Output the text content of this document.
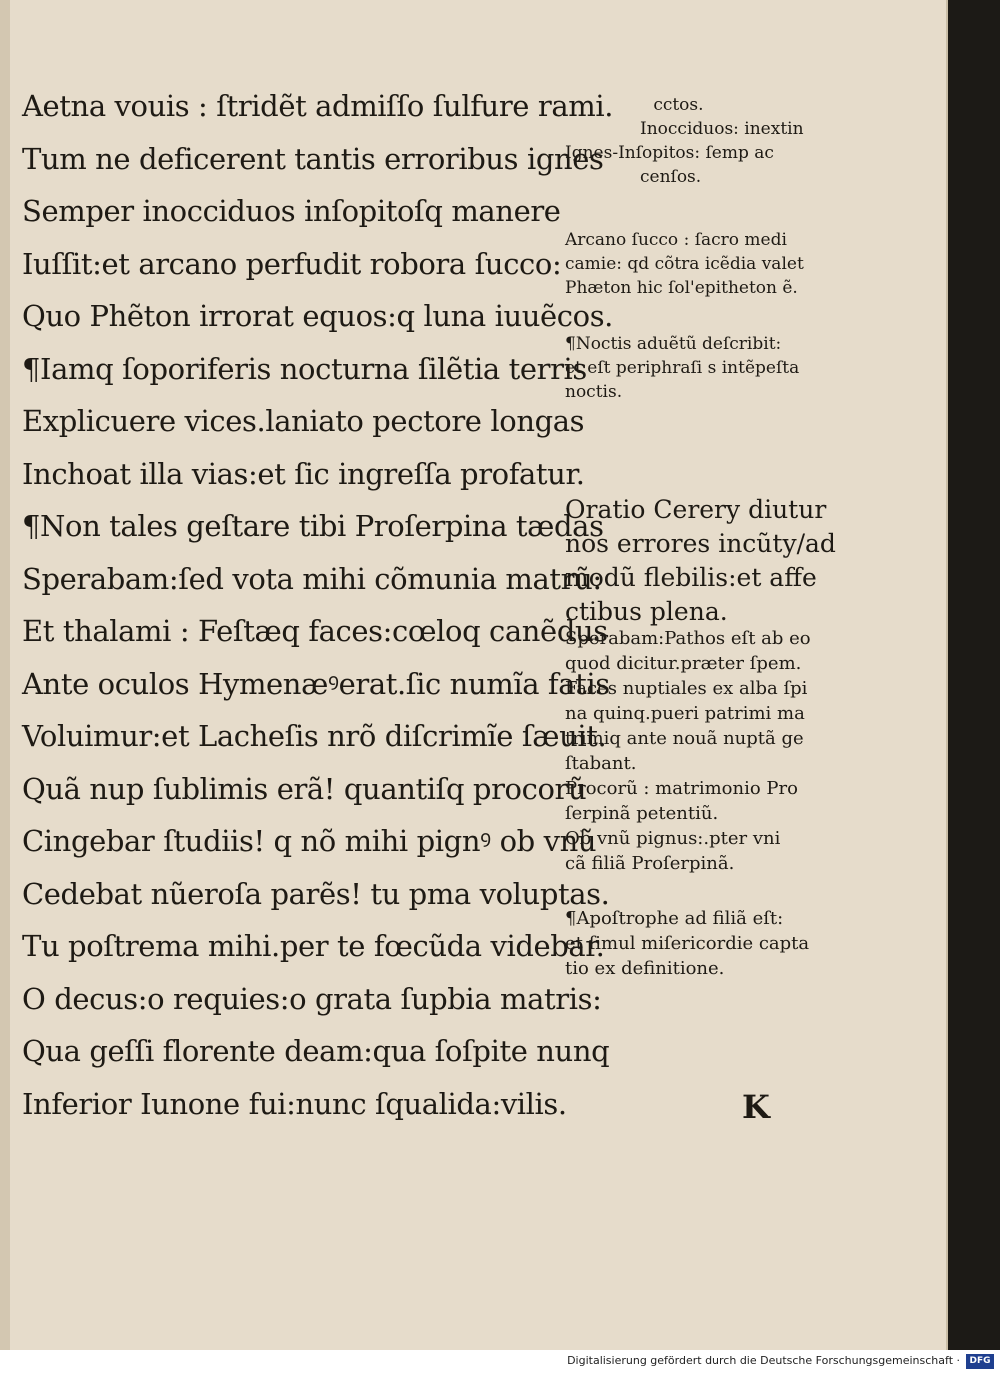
Aetna vouis : ſtridẽt admiſſo ſulfure rami.
Tum ne deficerent tantis erroribus ignes
Semper inocciduos inſopitoſq manere
Iuſſit:et arcano perfudit robora ſucco:
Quo Phẽton irrorat equos:q luna iuuẽcos.
¶Iamq ſoporiferis nocturna ſilẽtia terris
Explicuere vices.laniato pectore longas
Inchoat illa vias:et ſic ingreſſa profatur.
¶Non tales geſtare tibi Proſerpina tædas
Sperabam:ſed vota mihi cõmunia matrũ:
Et thalami : Feſtæq faces:cœloq canẽdus
Ante oculos Hymenæꝰerat.ſic numĩa fatis
Voluimur:et Lacheſis nrõ diſcrimĩe ſæuit.
Quã nup ſublimis erã! quantiſq procorũ
Cingebar ſtudiis! q nõ mihi pignꝰ ob vnũ
Cedebat nũeroſa parẽs! tu pma voluptas.
Tu poſtrema mihi.per te fœcũda videbar.
O decus:o requies:o grata ſupbia matris:
Qua geſſi florente deam:qua ſoſpite nunq
Inferior Iunone fui:nunc ſqualida:vilis.
cctos.
Inocciduos: inextin
Ignes-Inſopitos: ſemp ac
cenſos.
Arcano ſucco : ſacro medi
camie: qd cõtra icẽdia valet
Phæton hic ſol'epitheton ẽ.
¶Noctis aduẽtũ deſcribit:
et eſt periphraſi s intẽpeſta
noctis.
Oratio Cerery diutur
nos errores incũty/ad
modũ flebilis:et affe
ctibus plena.
Sperabam:Pathos eſt ab eo
quod dicitur.præter ſpem.
Faces nuptiales ex alba ſpi
na quinq.pueri patrimi ma
trimiq ante nouã nuptã ge
ſtabant.
Procorũ : matrimonio Pro
ſerpinã petentiũ.
Ob vnũ pignus:.pter vni
cã filiã Proſerpinã.
¶Apoſtrophe ad filiã eſt:
et ſimul miſericordie capta
tio ex definitione.
K
Digitalisierung gefördert durch die Deutsche Forschungsgemeinschaft ·	DFG
